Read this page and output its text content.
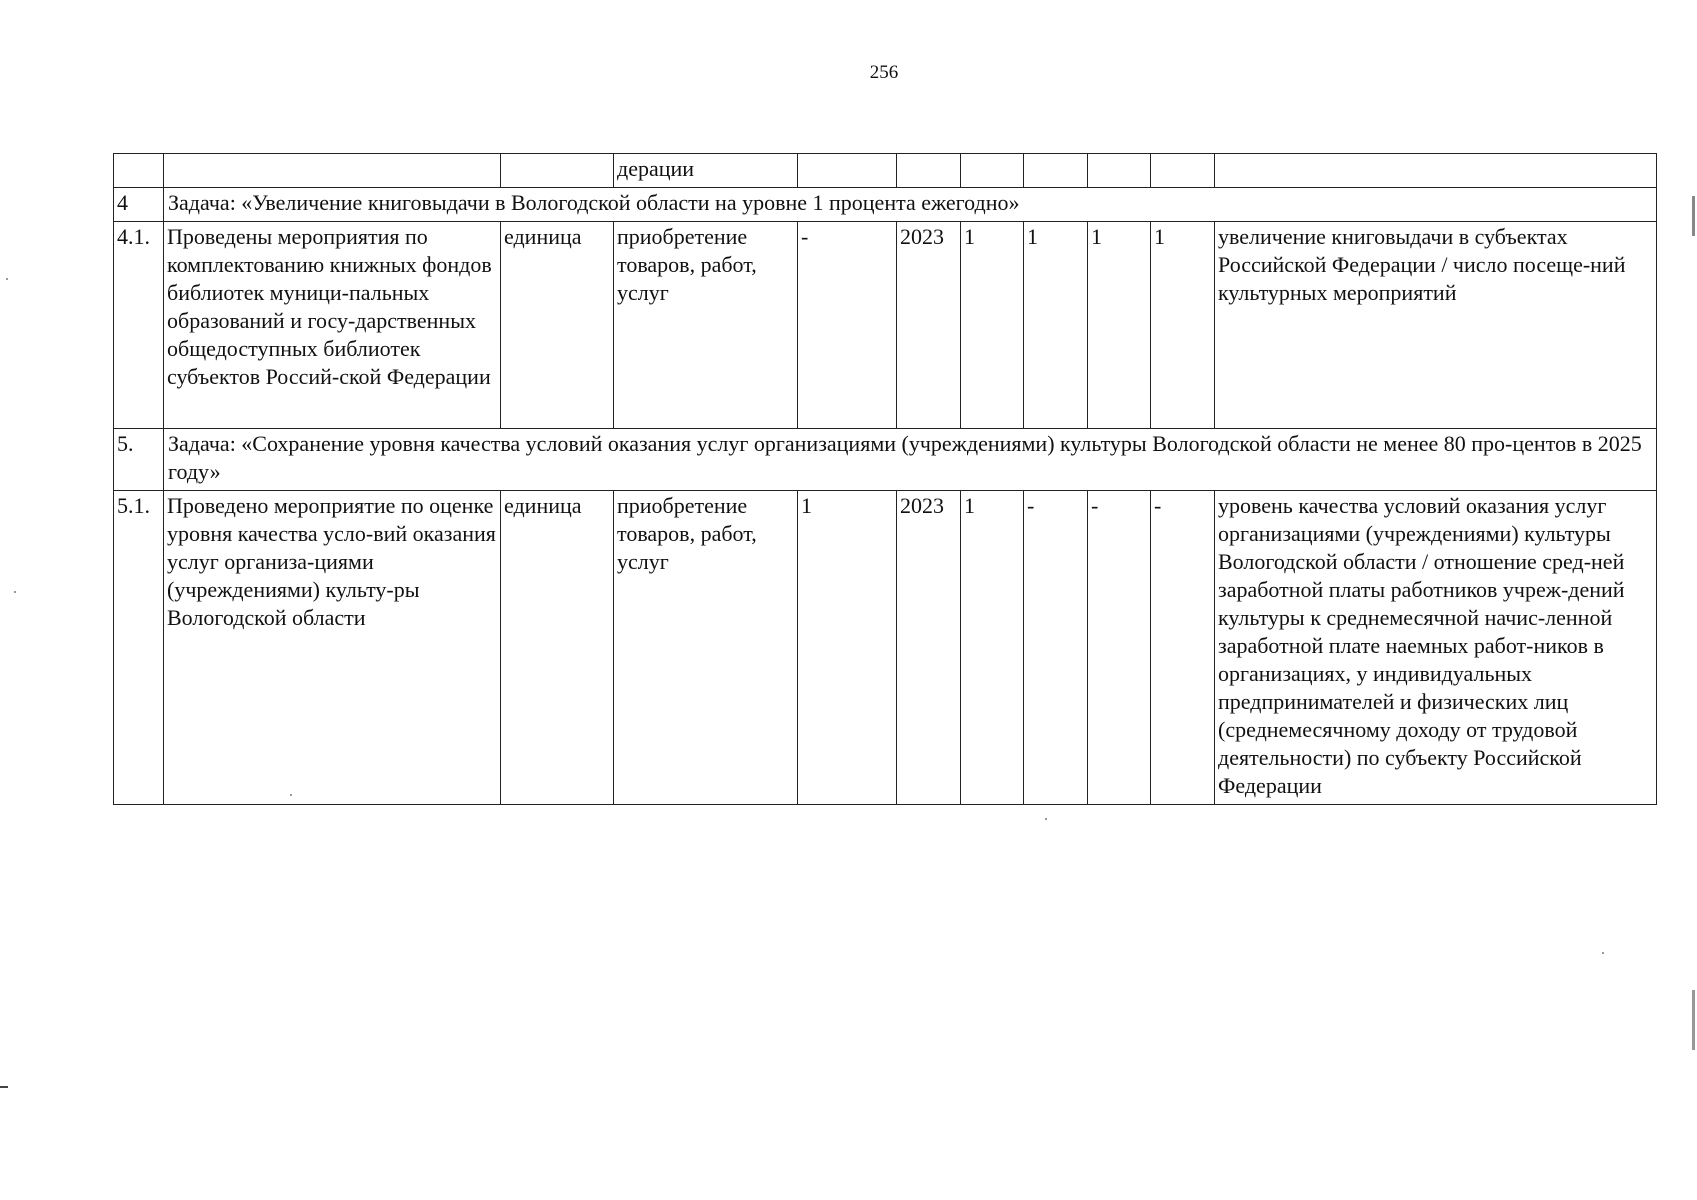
256
			дерации							
4	Задача: «Увеличение книговыдачи в Вологодской области на уровне 1 процента ежегодно»									
4.1.	Проведены мероприятия по комплектованию книжных фондов библиотек муници-пальных образований и госу-дарственных общедоступных библиотек субъектов Россий-ской Федерации	единица	приобретение товаров, работ, услуг	-	2023	1	1	1	1	увеличение книговыдачи в субъектах Российской Федерации / число посеще-ний культурных мероприятий
5.	Задача: «Сохранение уровня качества условий оказания услуг организациями (учреждениями) культуры Вологодской области не менее 80 про-центов в 2025 году»									
5.1.	Проведено мероприятие по оценке уровня качества усло-вий оказания услуг организа-циями (учреждениями) культу-ры Вологодской области	единица	приобретение товаров, работ, услуг	1	2023	1	-	-	-	уровень качества условий оказания услуг организациями (учреждениями) культуры Вологодской области / отношение сред-ней заработной платы работников учреж-дений культуры к среднемесячной начис-ленной заработной плате наемных работ-ников в организациях, у индивидуальных предпринимателей и физических лиц (среднемесячному доходу от трудовой деятельности) по субъекту Российской Федерации
